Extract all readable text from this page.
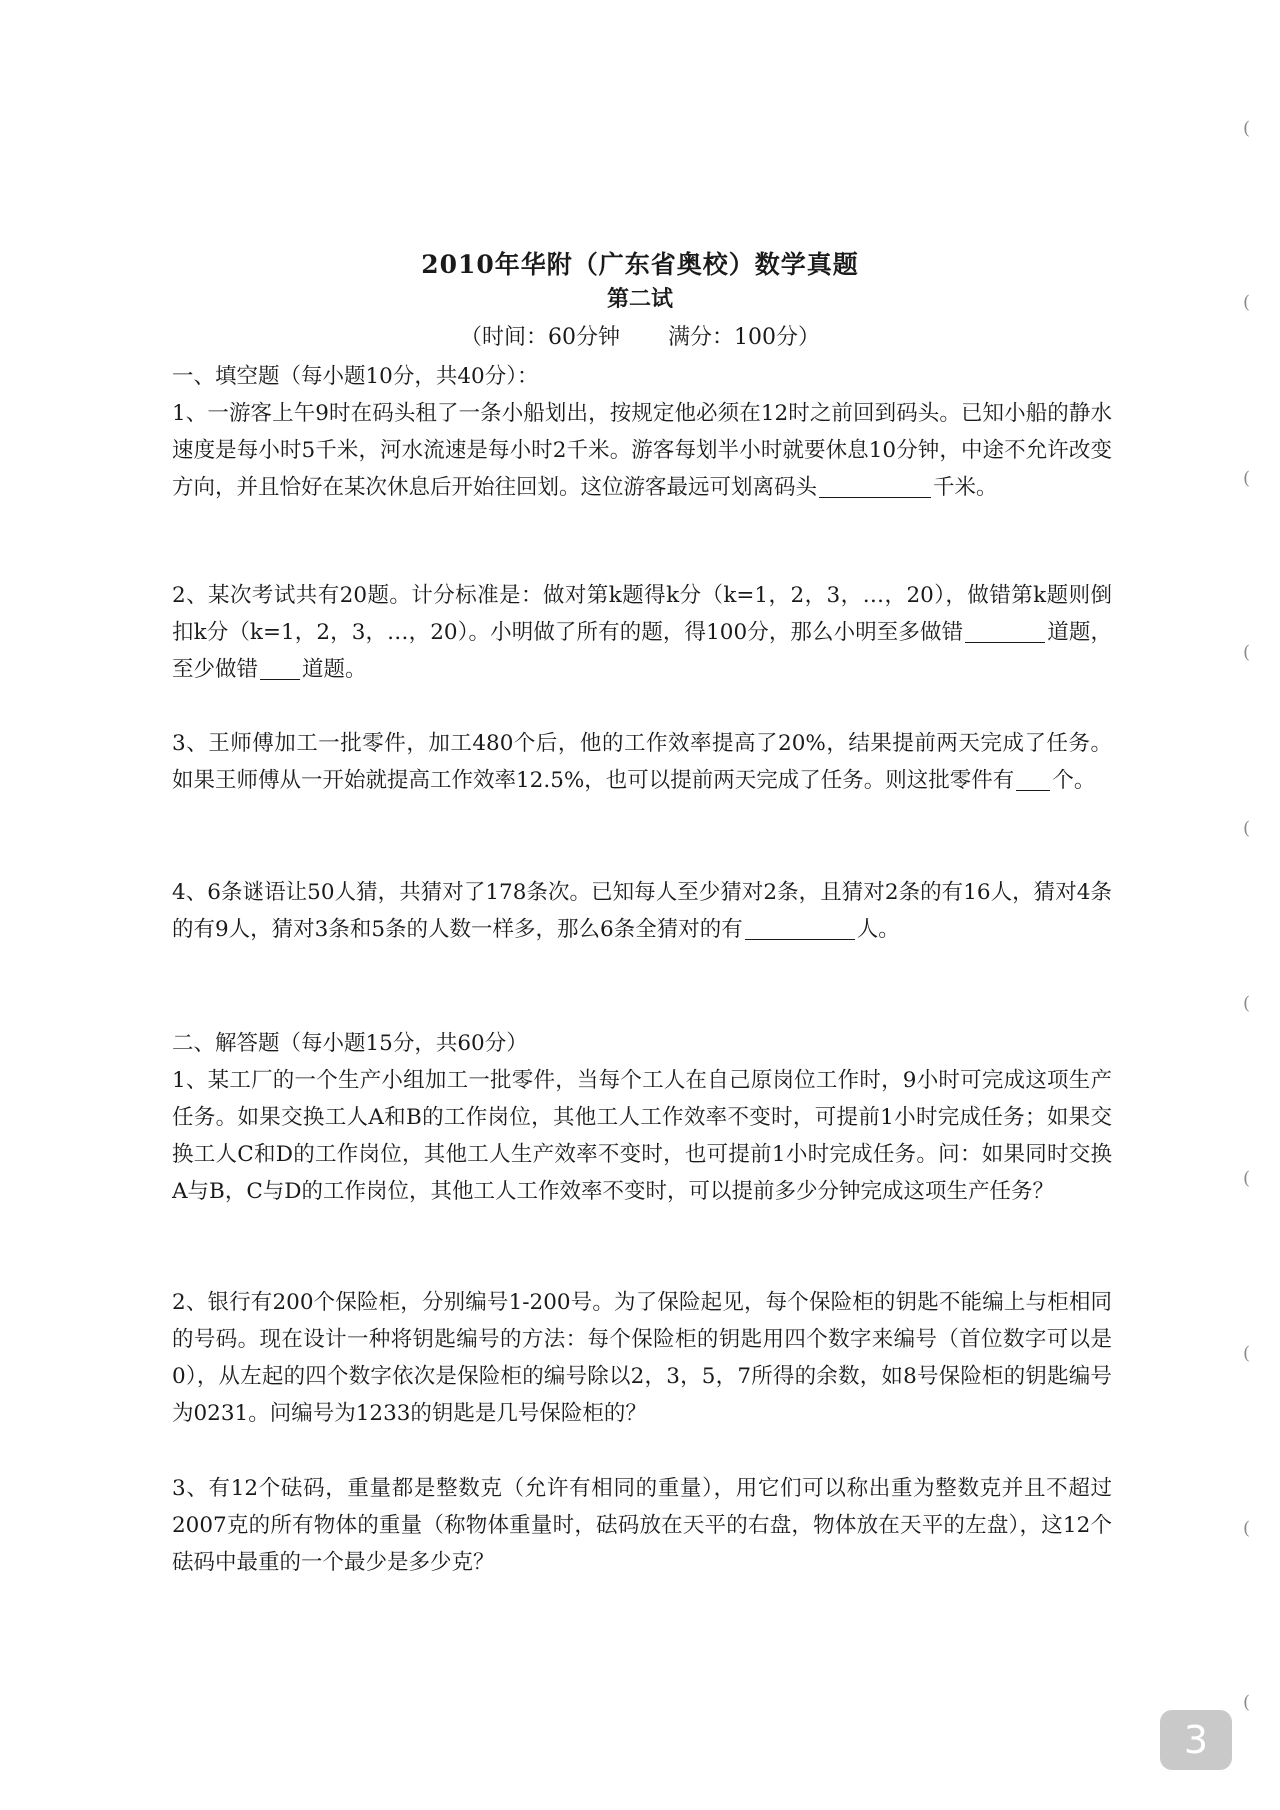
(
(
(
(
(
(
(
(
(
(
2010年华附（广东省奥校）数学真题
第二试
（时间：60分钟 满分：100分）

一、填空题（每小题10分，共40分）：

1、一游客上午9时在码头租了一条小船划出，按规定他必须在12时之前回到码头。已知小船的静水速度是每小时5千米，河水流速是每小时2千米。游客每划半小时就要休息10分钟，中途不允许改变方向，并且恰好在某次休息后开始往回划。这位游客最远可划离码头	千米。

2、某次考试共有20题。计分标准是：做对第k题得k分（k=1，2，3，…，20），做错第k题则倒扣k分（k=1，2，3，…，20）。小明做了所有的题，得100分，那么小明至多做错	道题，至少做错 道题。

3、王师傅加工一批零件，加工480个后，他的工作效率提高了20%，结果提前两天完成了任务。如果王师傅从一开始就提高工作效率12.5%，也可以提前两天完成了任务。则这批零件有 个。

4、6条谜语让50人猜，共猜对了178条次。已知每人至少猜对2条，且猜对2条的有16人，猜对4条的有9人，猜对3条和5条的人数一样多，那么6条全猜对的有	人。

二、解答题（每小题15分，共60分）

1、某工厂的一个生产小组加工一批零件，当每个工人在自己原岗位工作时，9小时可完成这项生产任务。如果交换工人A和B的工作岗位，其他工人工作效率不变时，可提前1小时完成任务；如果交换工人C和D的工作岗位，其他工人生产效率不变时，也可提前1小时完成任务。问：如果同时交换A与B，C与D的工作岗位，其他工人工作效率不变时，可以提前多少分钟完成这项生产任务？

2、银行有200个保险柜，分别编号1-200号。为了保险起见，每个保险柜的钥匙不能编上与柜相同的号码。现在设计一种将钥匙编号的方法：每个保险柜的钥匙用四个数字来编号（首位数字可以是0），从左起的四个数字依次是保险柜的编号除以2，3，5，7所得的余数，如8号保险柜的钥匙编号为0231。问编号为1233的钥匙是几号保险柜的？

3、有12个砝码，重量都是整数克（允许有相同的重量），用它们可以称出重为整数克并且不超过2007克的所有物体的重量（称物体重量时，砝码放在天平的右盘，物体放在天平的左盘），这12个砝码中最重的一个最少是多少克？

3
